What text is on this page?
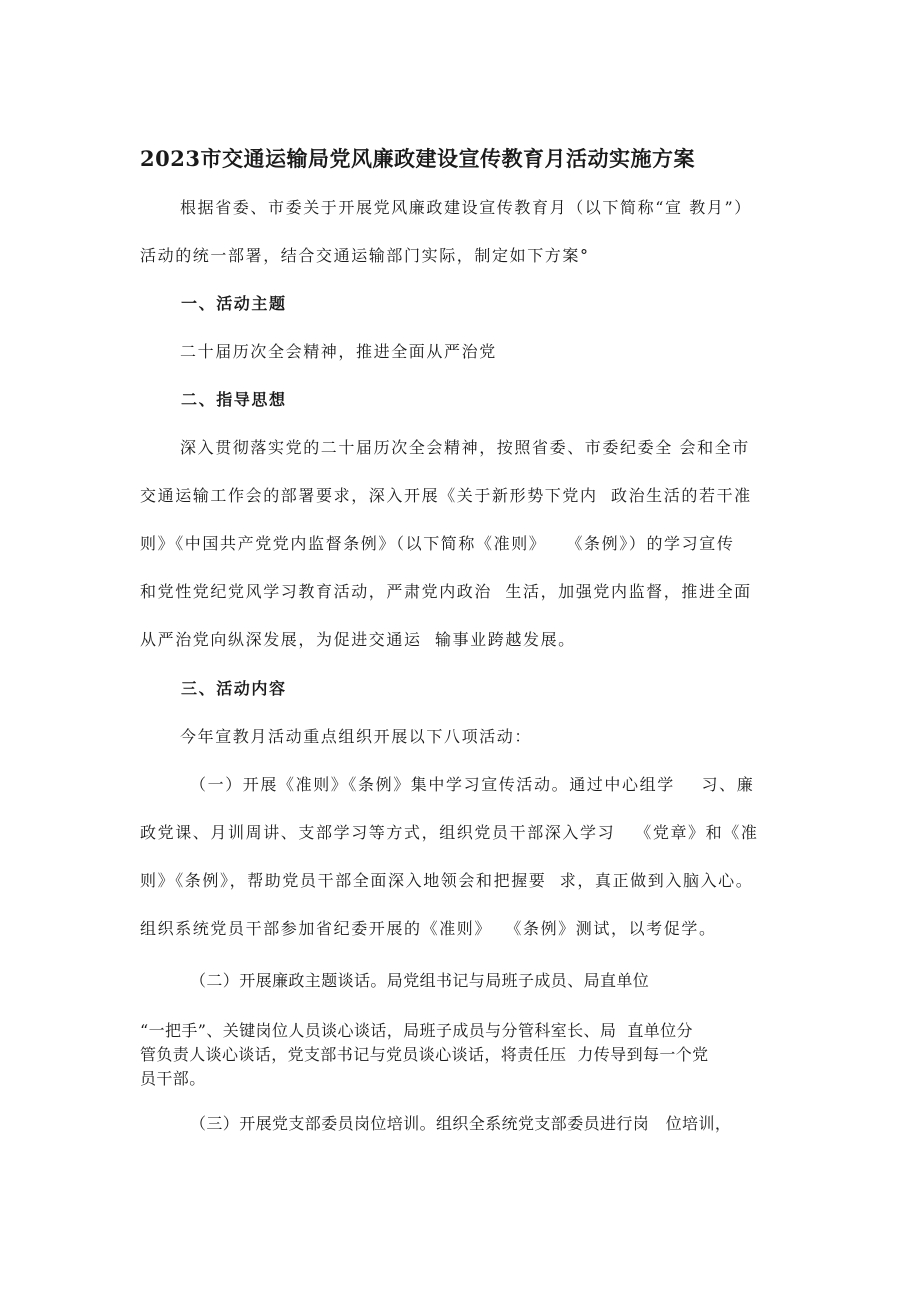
2023市交通运输局党风廉政建设宣传教育月活动实施方案
根据省委、市委关于开展党风廉政建设宣传教育月（以下简称“宣 教月”）
活动的统一部署，结合交通运输部门实际，制定如下方案°
一、活动主题
二十届历次全会精神，推进全面从严治党
二、指导思想
深入贯彻落实党的二十届历次全会精神，按照省委、市委纪委全 会和全市
交通运输工作会的部署要求，深入开展《关于新形势下党内  政治生活的若干准
则》《中国共产党党内监督条例》（以下简称《准则》   《条例》）的学习宣传
和党性党纪党风学习教育活动，严肃党内政治  生活，加强党内监督，推进全面
从严治党向纵深发展，为促进交通运  输事业跨越发展。
三、活动内容
今年宣教月活动重点组织开展以下八项活动：
（一）开展《准则》《条例》集中学习宣传活动。通过中心组学    习、廉
政党课、月训周讲、支部学习等方式，组织党员干部深入学习   《党章》和《准
则》《条例》，帮助党员干部全面深入地领会和把握要  求，真正做到入脑入心。
组织系统党员干部参加省纪委开展的《准则》  《条例》测试，以考促学。
（二）开展廉政主题谈话。局党组书记与局班子成员、局直单位
“一把手”、关键岗位人员谈心谈话，局班子成员与分管科室长、局  直单位分
管负责人谈心谈话，党支部书记与党员谈心谈话，将责任压  力传导到每一个党
员干部。
（三）开展党支部委员岗位培训。组织全系统党支部委员进行岗   位培训，
